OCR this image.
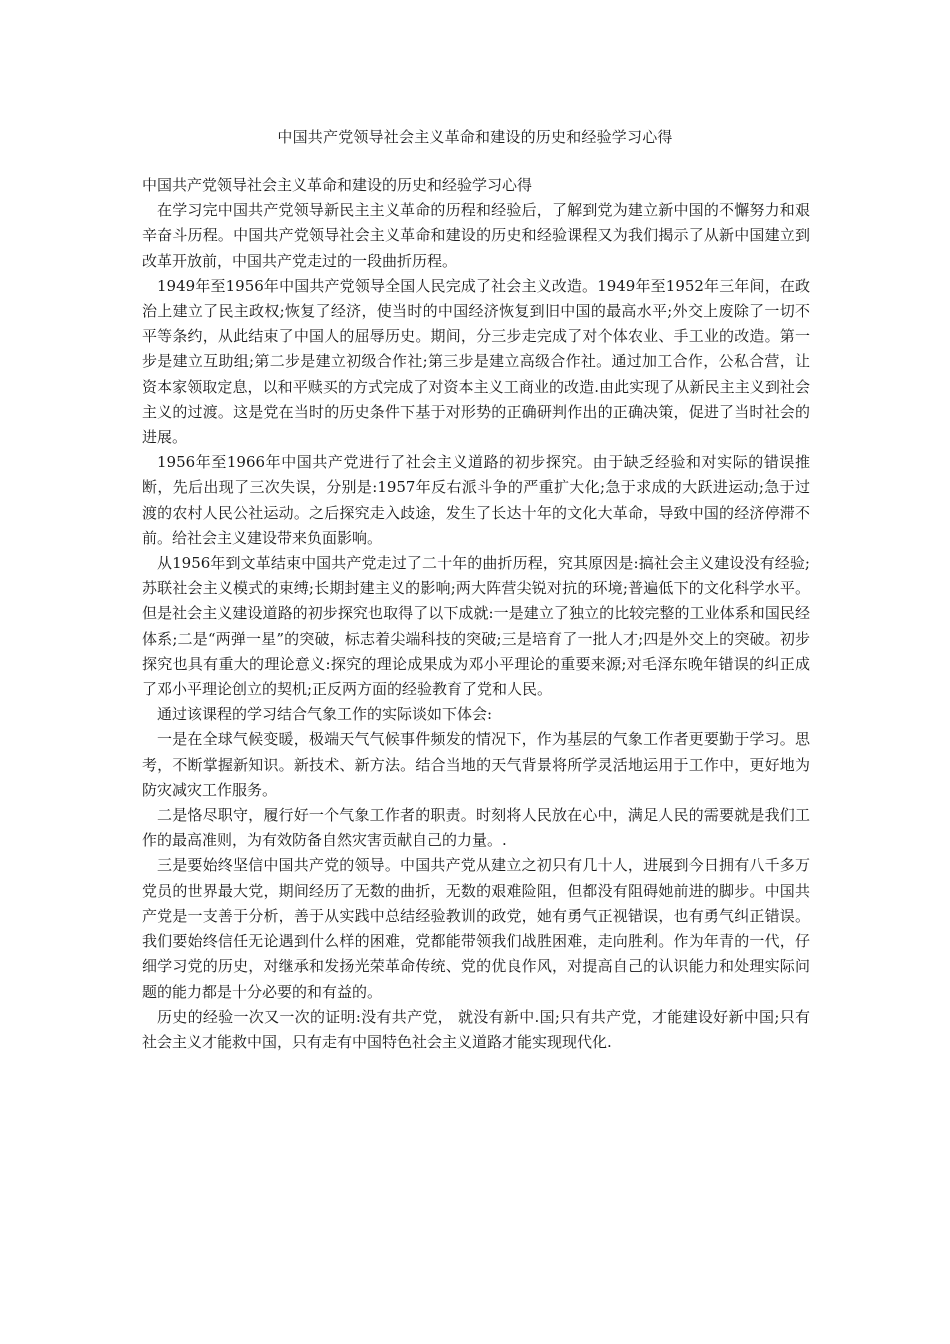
中国共产党领导社会主义革命和建设的历史和经验学习心得

中国共产党领导社会主义革命和建设的历史和经验学习心得

在学习完中国共产党领导新民主主义革命的历程和经验后，了解到党为建立新中国的不懈努力和艰辛奋斗历程。中国共产党领导社会主义革命和建设的历史和经验课程又为我们揭示了从新中国建立到改革开放前，中国共产党走过的一段曲折历程。

1949年至1956年中国共产党领导全国人民完成了社会主义改造。1949年至1952年三年间，在政治上建立了民主政权;恢复了经济，使当时的中国经济恢复到旧中国的最高水平;外交上废除了一切不平等条约，从此结束了中国人的屈辱历史。期间，分三步走完成了对个体农业、手工业的改造。第一步是建立互助组;第二步是建立初级合作社;第三步是建立高级合作社。通过加工合作，公私合营，让资本家领取定息，以和平赎买的方式完成了对资本主义工商业的改造.由此实现了从新民主主义到社会主义的过渡。这是党在当时的历史条件下基于对形势的正确研判作出的正确决策，促进了当时社会的进展。

1956年至1966年中国共产党进行了社会主义道路的初步探究。由于缺乏经验和对实际的错误推断，先后出现了三次失误，分别是:1957年反右派斗争的严重扩大化;急于求成的大跃进运动;急于过渡的农村人民公社运动。之后探究走入歧途，发生了长达十年的文化大革命，导致中国的经济停滞不前。给社会主义建设带来负面影响。

从1956年到文革结束中国共产党走过了二十年的曲折历程，究其原因是:搞社会主义建设没有经验;苏联社会主义模式的束缚;长期封建主义的影响;两大阵营尖锐对抗的环境;普遍低下的文化科学水平。但是社会主义建设道路的初步探究也取得了以下成就:一是建立了独立的比较完整的工业体系和国民经体系;二是“两弹一星”的突破，标志着尖端科技的突破;三是培育了一批人才;四是外交上的突破。初步探究也具有重大的理论意义:探究的理论成果成为邓小平理论的重要来源;对毛泽东晚年错误的纠正成了邓小平理论创立的契机;正反两方面的经验教育了党和人民。

通过该课程的学习结合气象工作的实际谈如下体会:

一是在全球气候变暖，极端天气气候事件频发的情况下，作为基层的气象工作者更要勤于学习。思考，不断掌握新知识。新技术、新方法。结合当地的天气背景将所学灵活地运用于工作中，更好地为防灾减灾工作服务。

二是恪尽职守，履行好一个气象工作者的职责。时刻将人民放在心中，满足人民的需要就是我们工作的最高准则，为有效防备自然灾害贡献自己的力量。.

三是要始终坚信中国共产党的领导。中国共产党从建立之初只有几十人，进展到今日拥有八千多万党员的世界最大党，期间经历了无数的曲折，无数的艰难险阻，但都没有阻碍她前进的脚步。中国共产党是一支善于分析，善于从实践中总结经验教训的政党，她有勇气正视错误，也有勇气纠正错误。我们要始终信任无论遇到什么样的困难，党都能带领我们战胜困难，走向胜利。作为年青的一代，仔细学习党的历史，对继承和发扬光荣革命传统、党的优良作风，对提高自己的认识能力和处理实际问题的能力都是十分必要的和有益的。

历史的经验一次又一次的证明:没有共产党， 就没有新中.国;只有共产党，才能建设好新中国;只有社会主义才能救中国，只有走有中国特色社会主义道路才能实现现代化.
